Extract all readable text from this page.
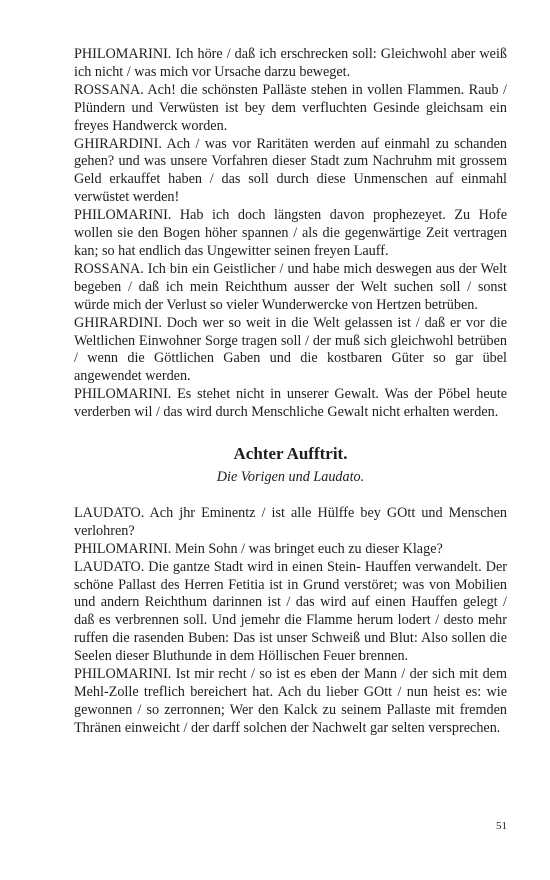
PHILOMARINI. Ich höre / daß ich erschrecken soll: Gleichwohl aber weiß ich nicht / was mich vor Ursache darzu beweget.

ROSSANA. Ach! die schönsten Palläste stehen in vollen Flammen. Raub / Plündern und Verwüsten ist bey dem verfluchten Gesinde gleichsam ein freyes Handwerck worden.

GHIRARDINI. Ach / was vor Raritäten werden auf einmahl zu schanden gehen? und was unsere Vorfahren dieser Stadt zum Nachruhm mit grossem Geld erkauffet haben / das soll durch diese Unmenschen auf einmahl verwüstet werden!

PHILOMARINI. Hab ich doch längsten davon prophezeyet. Zu Hofe wollen sie den Bogen höher spannen / als die gegenwärtige Zeit vertragen kan; so hat endlich das Ungewitter seinen freyen Lauff.

ROSSANA. Ich bin ein Geistlicher / und habe mich deswegen aus der Welt begeben / daß ich mein Reichthum ausser der Welt suchen soll / sonst würde mich der Verlust so vieler Wunderwercke von Hertzen betrüben.

GHIRARDINI. Doch wer so weit in die Welt gelassen ist / daß er vor die Weltlichen Einwohner Sorge tragen soll / der muß sich gleichwohl betrüben / wenn die Göttlichen Gaben und die kostbaren Güter so gar übel angewendet werden.

PHILOMARINI. Es stehet nicht in unserer Gewalt. Was der Pöbel heute verderben wil / das wird durch Menschliche Gewalt nicht erhalten werden.

Achter Aufftrit.
Die Vorigen und Laudato.

LAUDATO. Ach jhr Eminentz / ist alle Hülffe bey GOtt und Menschen verlohren?

PHILOMARINI. Mein Sohn / was bringet euch zu dieser Klage?

LAUDATO. Die gantze Stadt wird in einen Stein- Hauffen verwandelt. Der schöne Pallast des Herren Fetitia ist in Grund verstöret; was von Mobilien und andern Reichthum darinnen ist / das wird auf einen Hauffen gelegt / daß es verbrennen soll. Und jemehr die Flamme herum lodert / desto mehr ruffen die rasenden Buben: Das ist unser Schweiß und Blut: Also sollen die Seelen dieser Bluthunde in dem Höllischen Feuer brennen.

PHILOMARINI. Ist mir recht / so ist es eben der Mann / der sich mit dem Mehl-Zolle treflich bereichert hat. Ach du lieber GOtt / nun heist es: wie gewonnen / so zerronnen; Wer den Kalck zu seinem Pallaste mit fremden Thränen einweicht / der darff solchen der Nachwelt gar selten versprechen.

51
